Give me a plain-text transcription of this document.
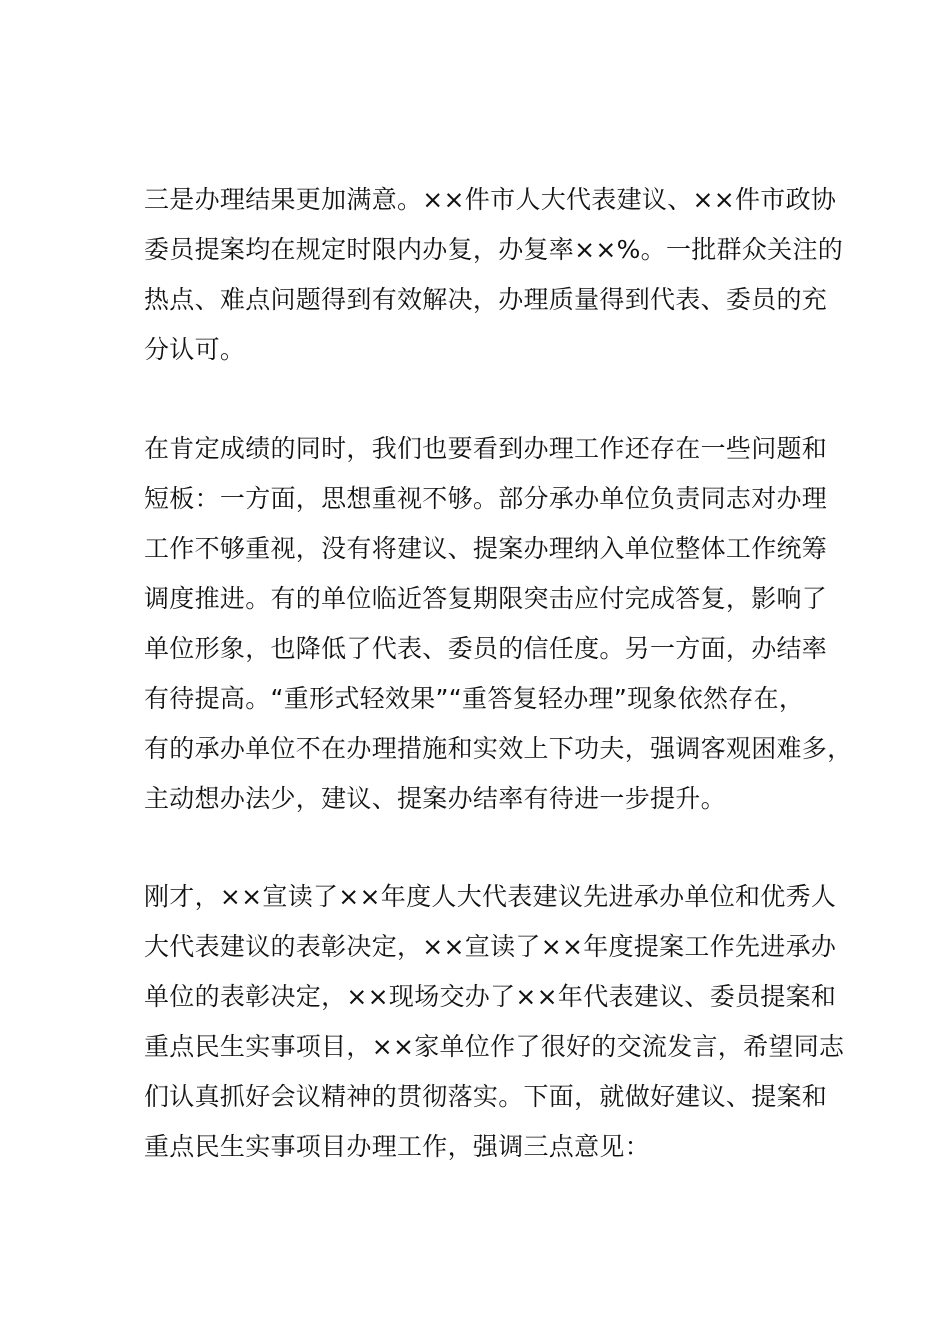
三是办理结果更加满意。××件市人大代表建议、××件市政协
委员提案均在规定时限内办复，办复率××%。一批群众关注的
热点、难点问题得到有效解决，办理质量得到代表、委员的充
分认可。
在肯定成绩的同时，我们也要看到办理工作还存在一些问题和
短板：一方面，思想重视不够。部分承办单位负责同志对办理
工作不够重视，没有将建议、提案办理纳入单位整体工作统筹
调度推进。有的单位临近答复期限突击应付完成答复，影响了
单位形象，也降低了代表、委员的信任度。另一方面，办结率
有待提高。“重形式轻效果”“重答复轻办理”现象依然存在，
有的承办单位不在办理措施和实效上下功夫，强调客观困难多，
主动想办法少，建议、提案办结率有待进一步提升。
刚才，××宣读了××年度人大代表建议先进承办单位和优秀人
大代表建议的表彰决定，××宣读了××年度提案工作先进承办
单位的表彰决定，××现场交办了××年代表建议、委员提案和
重点民生实事项目，××家单位作了很好的交流发言，希望同志
们认真抓好会议精神的贯彻落实。下面，就做好建议、提案和
重点民生实事项目办理工作，强调三点意见：
